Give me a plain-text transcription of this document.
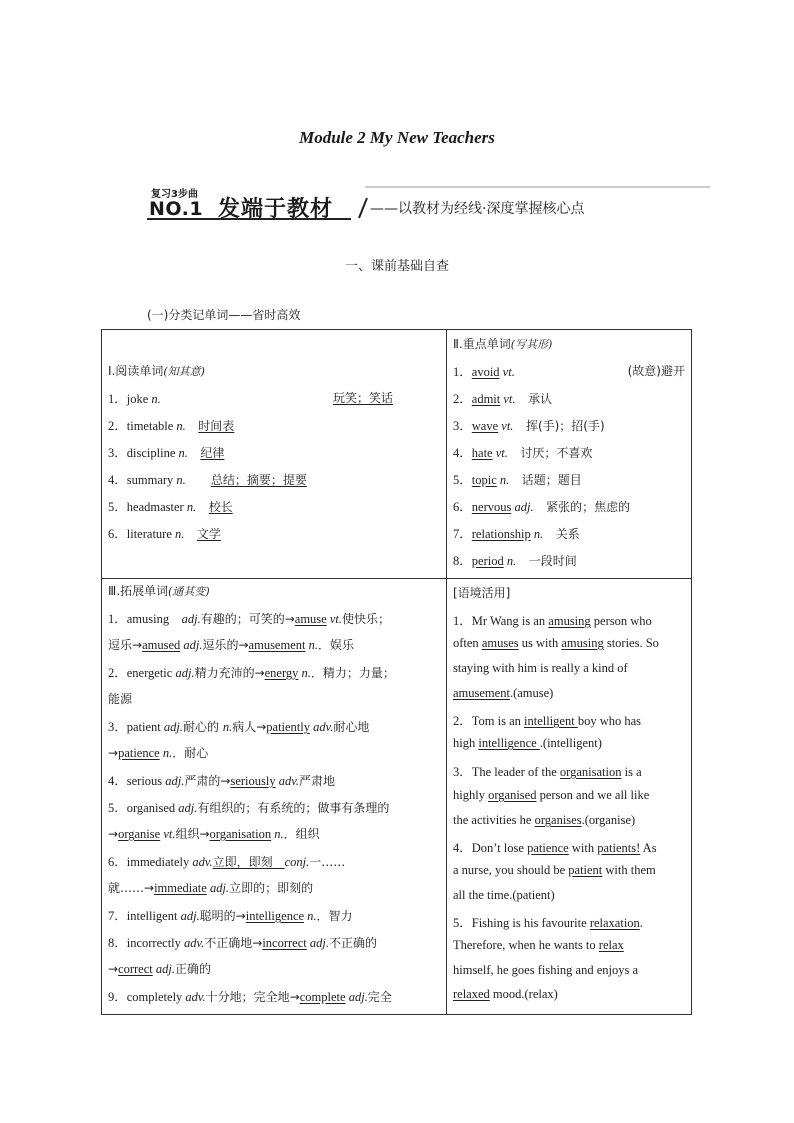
Module 2 My New Teachers
复习3步曲
NO.1 发端于教材	——以教材为经线·深度掌握核心点
一、课前基础自查
(一)分类记单词——省时高效
Ⅰ.阅读单词(知其意)
1．joke n.	玩笑；笑话
2．timetable n.　 时间表
3．discipline n.　 纪律
4．summary n.　　 总结；摘要；提要
5．headmaster n.　 校长
6．literature n.　 文学
Ⅱ.重点单词(写其形)
1．avoid vt.	(故意)避开
2．admit vt.　 承认
3．wave vt.　 挥(手)；招(手)
4．hate vt.　 讨厌；不喜欢
5．topic n.　 话题；题目
6．nervous adj.　 紧张的；焦虑的
7．relationship n.　 关系
8．period n.　 一段时间
Ⅲ.拓展单词(通其变)
1．amusing　adj.有趣的；可笑的→amuse vt.使快乐；
逗乐→amused adj.逗乐的→amusement n.．娱乐
2．energetic adj.精力充沛的→energy n.．精力；力量；
能源
3．patient adj.耐心的 n.病人→patiently adv.耐心地
→patience n.．耐心
4．serious adj.严肃的→seriously adv.严肃地
5．organised adj.有组织的；有系统的；做事有条理的
→organise vt.组织→organisation n.．组织
6．immediately adv.立即，即刻　conj.一……
就……→immediate adj.立即的；即刻的
7．intelligent adj.聪明的→intelligence n.．智力
8．incorrectly adv.不正确地→incorrect adj.不正确的
→correct adj.正确的
9．completely adv.十分地；完全地→complete adj.完全
[语境活用]
1．Mr Wang is an amusing person who
often amuses us with amusing stories. So
staying with him is really a kind of
amusement.(amuse)
2．Tom is an intelligent boy who has
high intelligence .(intelligent)
3．The leader of the organisation is a
highly organised person and we all like
the activities he organises.(organise)
4．Don’t lose patience with patients! As
a nurse, you should be patient with them
all the time.(patient)
5．Fishing is his favourite relaxation.
Therefore, when he wants to relax
himself, he goes fishing and enjoys a
relaxed mood.(relax)
